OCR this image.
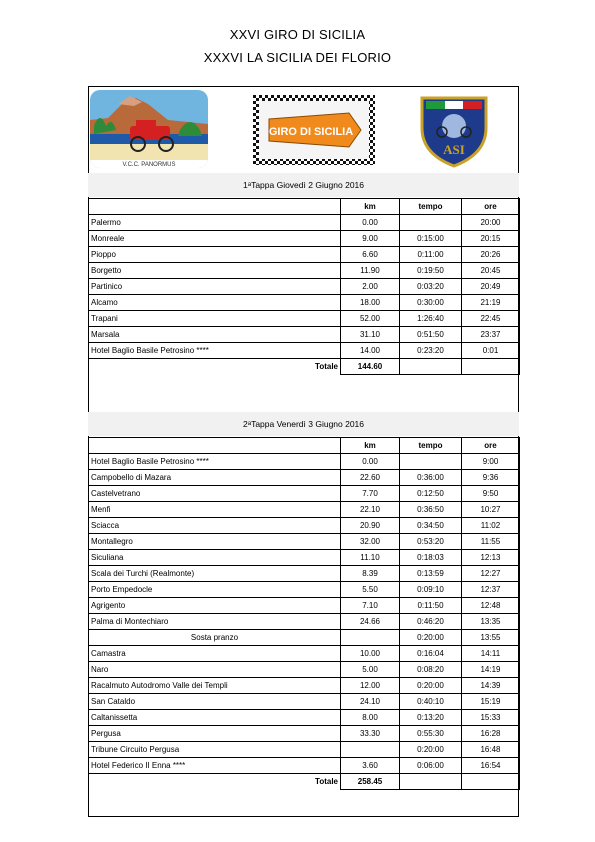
XXVI GIRO DI SICILIA
XXXVI LA SICILIA DEI FLORIO
V.C.C. PANORMUS
GIRO DI SICILIA
ASI
1 a Tappa Giovedì 2 Giugno 2016
	km	tempo	ore
Palermo	0.00		20:00
Monreale	9.00	0:15:00	20:15
Pioppo	6.60	0:11:00	20:26
Borgetto	11.90	0:19:50	20:45
Partinico	2.00	0:03:20	20:49
Alcamo	18.00	0:30:00	21:19
Trapani	52.00	1:26:40	22:45
Marsala	31.10	0:51:50	23:37
Hotel Baglio Basile Petrosino ****	14.00	0:23:20	0:01
Totale	144.60		
2 a Tappa Venerdì 3 Giugno 2016
	km	tempo	ore
Hotel Baglio Basile Petrosino ****	0.00		9:00
Campobello di Mazara	22.60	0:36:00	9:36
Castelvetrano	7.70	0:12:50	9:50
Menfi	22.10	0:36:50	10:27
Sciacca	20.90	0:34:50	11:02
Montallegro	32.00	0:53:20	11:55
Siculiana	11.10	0:18:03	12:13
Scala dei Turchi (Realmonte)	8.39	0:13:59	12:27
Porto Empedocle	5.50	0:09:10	12:37
Agrigento	7.10	0:11:50	12:48
Palma di Montechiaro	24.66	0:46:20	13:35
Sosta pranzo		0:20:00	13:55
Camastra	10.00	0:16:04	14:11
Naro	5.00	0:08:20	14:19
Racalmuto Autodromo Valle dei Templi	12.00	0:20:00	14:39
San Cataldo	24.10	0:40:10	15:19
Caltanissetta	8.00	0:13:20	15:33
Pergusa	33.30	0:55:30	16:28
Tribune Circuito Pergusa		0:20:00	16:48
Hotel Federico II Enna ****	3.60	0:06:00	16:54
Totale	258.45		
